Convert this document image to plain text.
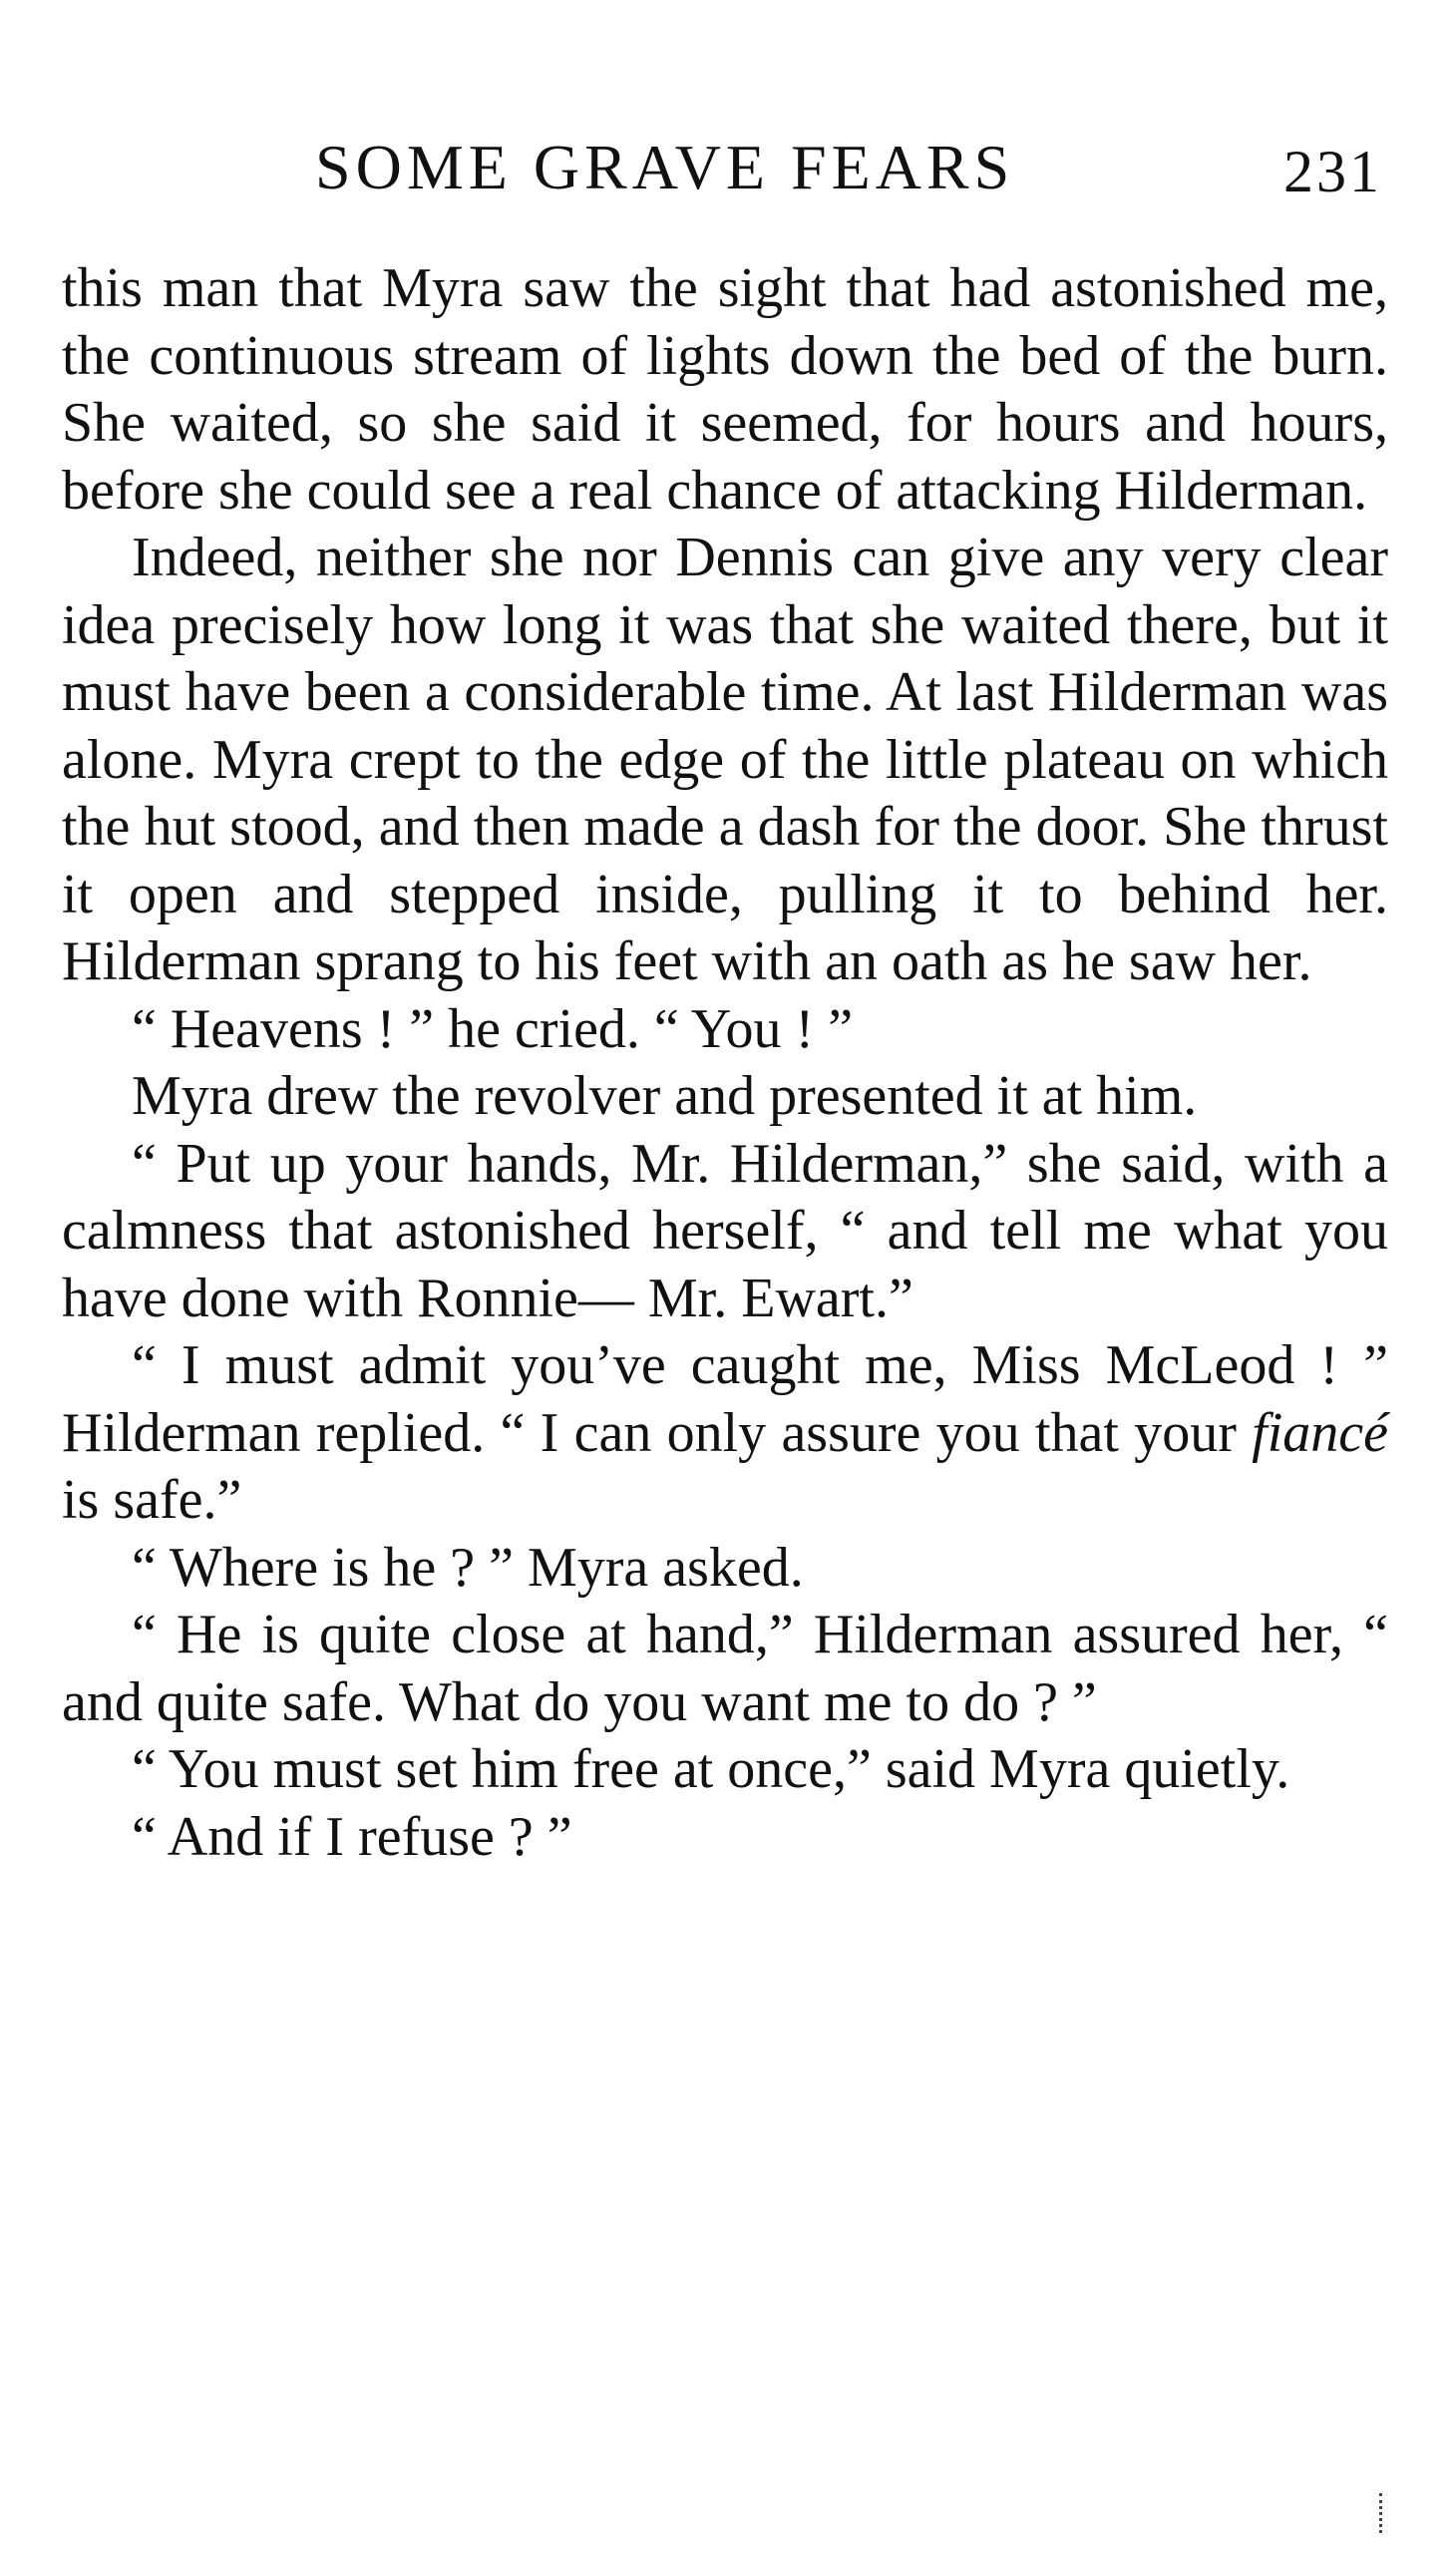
SOME GRAVE FEARS	231

this man that Myra saw the sight that had astonished me, the continuous stream of lights down the bed of the burn. She waited, so she said it seemed, for hours and hours, before she could see a real chance of attacking Hilderman.

Indeed, neither she nor Dennis can give any very clear idea precisely how long it was that she waited there, but it must have been a considerable time. At last Hilderman was alone. Myra crept to the edge of the little plateau on which the hut stood, and then made a dash for the door. She thrust it open and stepped inside, pulling it to behind her. Hilderman sprang to his feet with an oath as he saw her.

“ Heavens ! ” he cried. “ You ! ”

Myra drew the revolver and presented it at him.

“ Put up your hands, Mr. Hilderman,” she said, with a calmness that astonished herself, “ and tell me what you have done with Ronnie— Mr. Ewart.”

“ I must admit you’ve caught me, Miss McLeod ! ” Hilderman replied. “ I can only assure you that your fiancé is safe.”

“ Where is he ? ” Myra asked.

“ He is quite close at hand,” Hilderman assured her, “ and quite safe. What do you want me to do ? ”

“ You must set him free at once,” said Myra quietly.

“ And if I refuse ? ”
